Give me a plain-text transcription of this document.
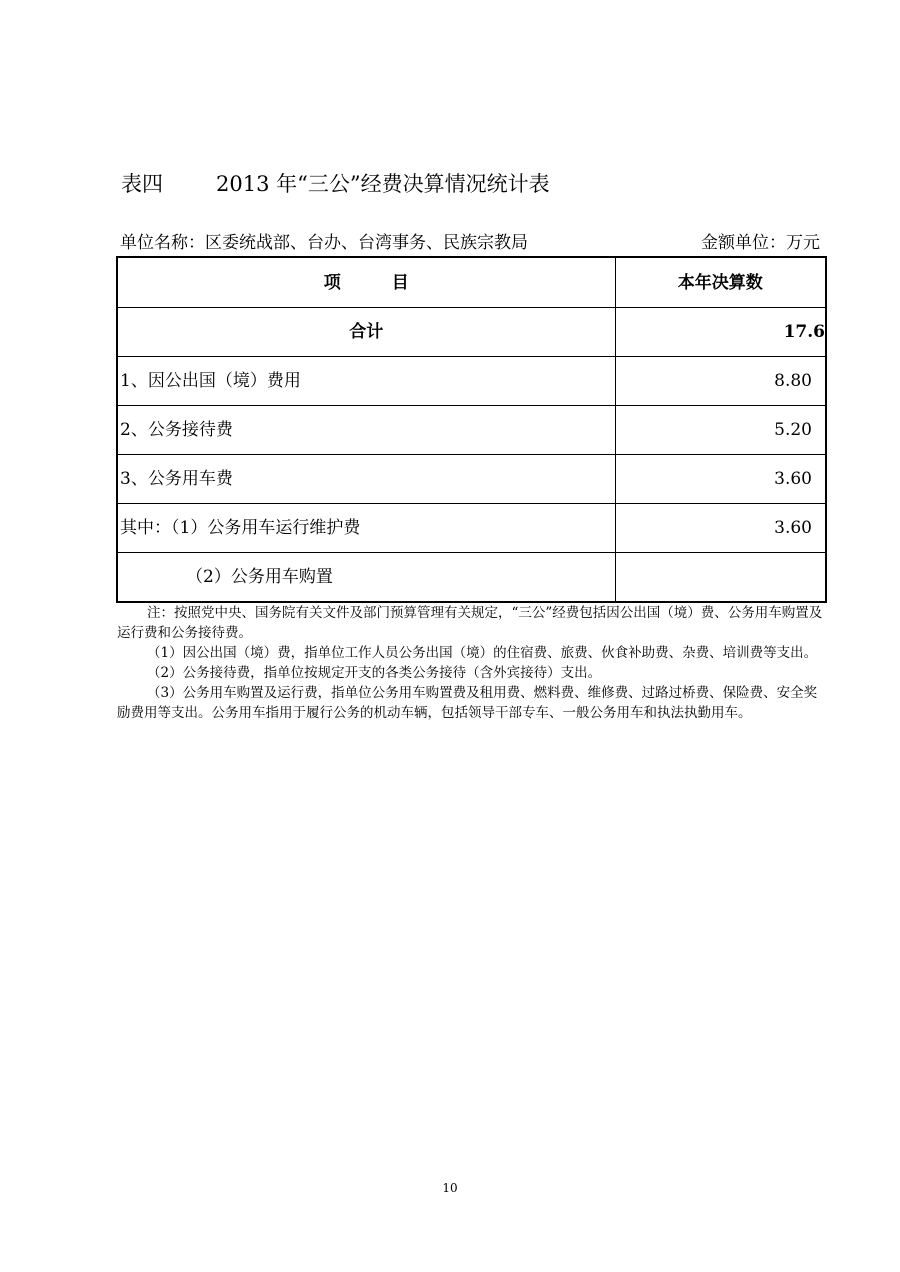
表四	2013 年“三公”经费决算情况统计表
单位名称：区委统战部、台办、台湾事务、民族宗教局	金额单位：万元
项　　　目	本年决算数
合计	17.6
1、因公出国（境）费用	8.80
2、公务接待费	5.20
3、公务用车费	3.60
其中：（1）公务用车运行维护费	3.60
（2）公务用车购置	

注：按照党中央、国务院有关文件及部门预算管理有关规定，“三公”经费包括因公出国（境）费、公务用车购置及运行费和公务接待费。

（1）因公出国（境）费，指单位工作人员公务出国（境）的住宿费、旅费、伙食补助费、杂费、培训费等支出。

（2）公务接待费，指单位按规定开支的各类公务接待（含外宾接待）支出。

（3）公务用车购置及运行费，指单位公务用车购置费及租用费、燃料费、维修费、过路过桥费、保险费、安全奖励费用等支出。公务用车指用于履行公务的机动车辆，包括领导干部专车、一般公务用车和执法执勤用车。

10
